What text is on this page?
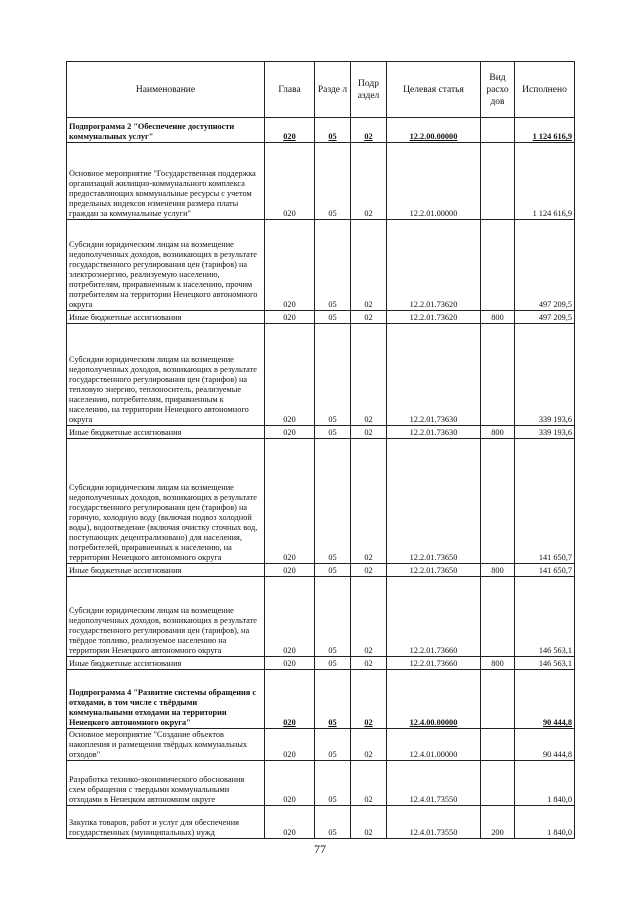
Наименование	Глава	Разде л	Подр аздел	Целевая статья	Вид расхо дов	Исполнено
Подпрограмма 2 "Обеспечение доступности коммунальных услуг"	020	05	02	12.2.00.00000		1 124 616,9
Основное мероприятие "Государственная поддержка организаций жилищно-коммунального комплекса предоставляющих коммунальные ресурсы с учетом предельных индексов изменения размера платы граждан за коммунальные услуги"	020	05	02	12.2.01.00000		1 124 616,9
Субсидии юридическим лицам на возмещение недополученных доходов, возникающих в результате государственного регулирования цен (тарифов) на электроэнергию, реализуемую населению, потребителям, приравненным к населению, прочим потребителям на территории Ненецкого автономного округа	020	05	02	12.2.01.73620		497 209,5
Иные бюджетные ассигнования	020	05	02	12.2.01.73620	800	497 209,5
Субсидии юридическим лицам на возмещение недополученных доходов, возникающих в результате государственного регулирования цен (тарифов) на тепловую энергию, теплоноситель, реализуемые населению, потребителям, приравненным к населению, на территории Ненецкого автономного округа	020	05	02	12.2.01.73630		339 193,6
Иные бюджетные ассигнования	020	05	02	12.2.01.73630	800	339 193,6
Субсидии юридическим лицам на возмещение недополученных доходов, возникающих в результате государственного регулирования цен (тарифов) на горячую, холодную воду (включая подвоз холодной воды), водоотведение (включая очистку сточных вод, поступающих децентрализовано) для населения, потребителей, приравненных к населению, на территории Ненецкого автономного округа	020	05	02	12.2.01.73650		141 650,7
Иные бюджетные ассигнования	020	05	02	12.2.01.73650	800	141 650,7
Субсидии юридическим лицам на возмещение недополученных доходов, возникающих в результате государственного регулирования цен (тарифов), на твёрдое топливо, реализуемое населению на территории Ненецкого автономного округа	020	05	02	12.2.01.73660		146 563,1
Иные бюджетные ассигнования	020	05	02	12.2.01.73660	800	146 563,1
Подпрограмма 4 "Развитие системы обращения с отходами, в том числе с твёрдыми коммунальными отходами на территории Ненецкого автономного округа"	020	05	02	12.4.00.00000		90 444,8
Основное мероприятие "Создание объектов накопления и размещения твёрдых коммунальных отходов"	020	05	02	12.4.01.00000		90 444,8
Разработка технико-экономического обоснования схем обращения с твердыми коммунальными отходами в Ненецком автономном округе	020	05	02	12.4.01.73550		1 840,0
Закупка товаров, работ и услуг для обеспечения государственных (муниципальных) нужд	020	05	02	12.4.01.73550	200	1 840,0
77
